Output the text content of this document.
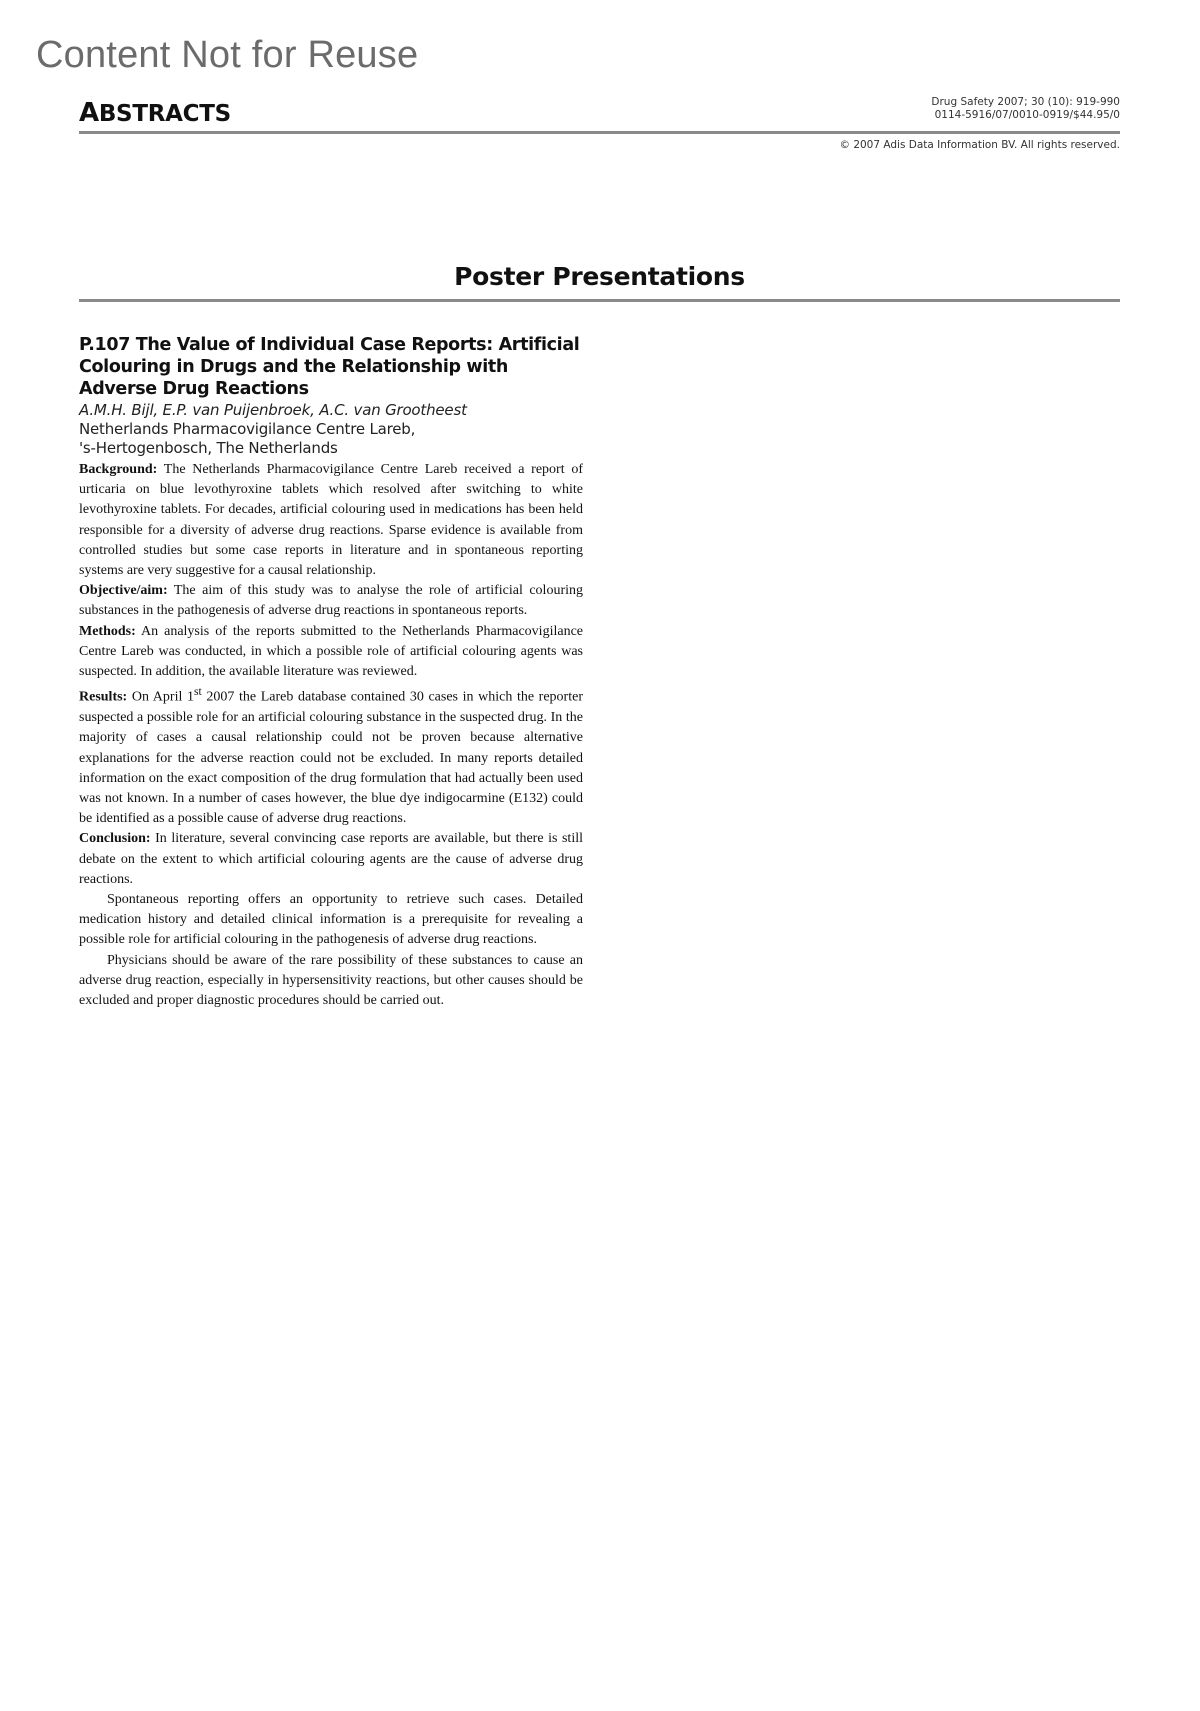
Content Not for Reuse
ABSTRACTS	Drug Safety 2007; 30 (10): 919-990
0114-5916/07/0010-0919/$44.95/0
© 2007 Adis Data Information BV. All rights reserved.
Poster Presentations
P.107 The Value of Individual Case Reports: Artificial Colouring in Drugs and the Relationship with Adverse Drug Reactions
A.M.H. Bijl, E.P. van Puijenbroek, A.C. van Grootheest
Netherlands Pharmacovigilance Centre Lareb,
's-Hertogenbosch, The Netherlands

Background: The Netherlands Pharmacovigilance Centre Lareb received a report of urticaria on blue levothyroxine tablets which resolved after switching to white levothyroxine tablets. For decades, artificial colouring used in medications has been held responsible for a diversity of adverse drug reactions. Sparse evidence is available from controlled studies but some case reports in literature and in spontaneous reporting systems are very suggestive for a causal relationship.

Objective/aim: The aim of this study was to analyse the role of artificial colouring substances in the pathogenesis of adverse drug reactions in spontaneous reports.

Methods: An analysis of the reports submitted to the Netherlands Pharmacovigilance Centre Lareb was conducted, in which a possible role of artificial colouring agents was suspected. In addition, the available literature was reviewed.

Results: On April 1st 2007 the Lareb database contained 30 cases in which the reporter suspected a possible role for an artificial colouring substance in the suspected drug. In the majority of cases a causal relationship could not be proven because alternative explanations for the adverse reaction could not be excluded. In many reports detailed information on the exact composition of the drug formulation that had actually been used was not known. In a number of cases however, the blue dye indigocarmine (E132) could be identified as a possible cause of adverse drug reactions.

Conclusion: In literature, several convincing case reports are available, but there is still debate on the extent to which artificial colouring agents are the cause of adverse drug reactions.

Spontaneous reporting offers an opportunity to retrieve such cases. Detailed medication history and detailed clinical information is a prerequisite for revealing a possible role for artificial colouring in the pathogenesis of adverse drug reactions.

Physicians should be aware of the rare possibility of these substances to cause an adverse drug reaction, especially in hypersensitivity reactions, but other causes should be excluded and proper diagnostic procedures should be carried out.
